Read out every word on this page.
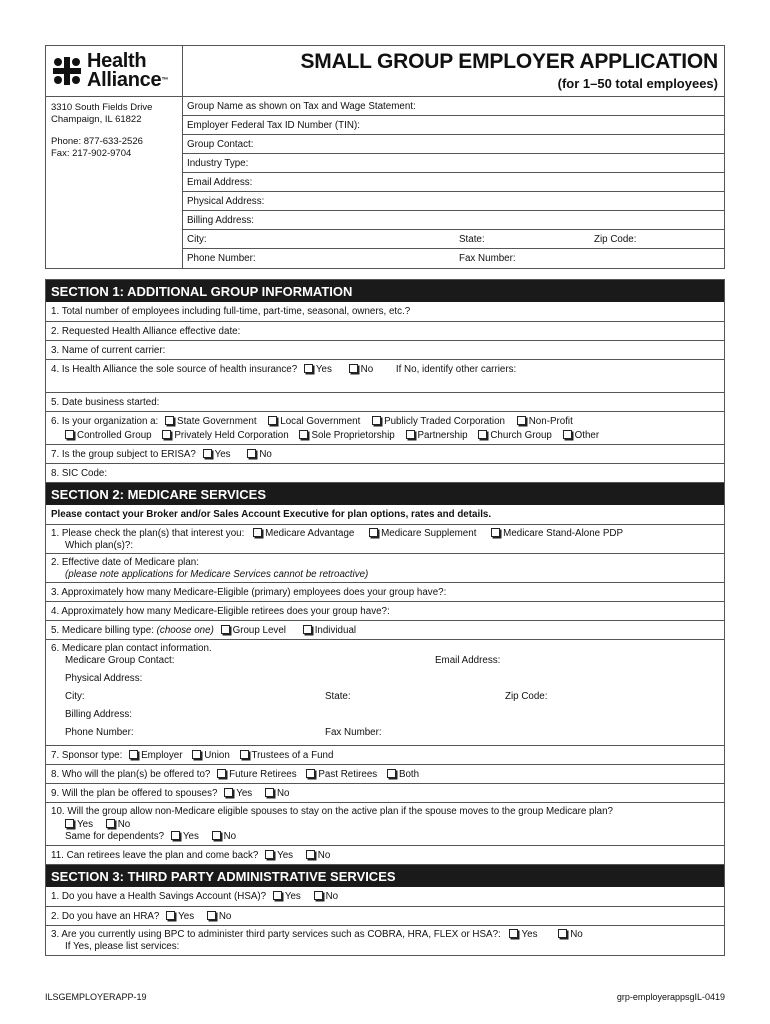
Health
Alliance™
SMALL GROUP EMPLOYER APPLICATION
(for 1–50 total employees)
3310 South Fields Drive
Champaign, IL 61822
Phone: 877-633-2526
Fax: 217-902-9704
Group Name as shown on Tax and Wage Statement:
Employer Federal Tax ID Number (TIN):
Group Contact:
Industry Type:
Email Address:
Physical Address:
Billing Address:
City:	State:	Zip Code:
Phone Number:	Fax Number:
SECTION 1: ADDITIONAL GROUP INFORMATION
1. Total number of employees including full-time, part-time, seasonal, owners, etc.?
2. Requested Health Alliance effective date:
3. Name of current carrier:
4. Is Health Alliance the sole source of health insurance? Yes	No If No, identify other carriers:
5. Date business started:
6. Is your organization a: State Government Local Government Publicly Traded Corporation Non-Profit
Controlled Group Privately Held Corporation Sole Proprietorship Partnership Church Group Other
7. Is the group subject to ERISA? Yes	No
8. SIC Code:
SECTION 2: MEDICARE SERVICES
Please contact your Broker and/or Sales Account Executive for plan options, rates and details.
1. Please check the plan(s) that interest you: Medicare Advantage	Medicare Supplement	Medicare Stand-Alone PDP
Which plan(s)?:
2. Effective date of Medicare plan:
(please note applications for Medicare Services cannot be retroactive)
3. Approximately how many Medicare-Eligible (primary) employees does your group have?:
4. Approximately how many Medicare-Eligible retirees does your group have?:
5. Medicare billing type: (choose one) Group Level	Individual
6. Medicare plan contact information.
Medicare Group Contact:	Email Address:
Physical Address:
City:	State:	Zip Code:
Billing Address:
Phone Number:	Fax Number:
7. Sponsor type: Employer Union Trustees of a Fund
8. Who will the plan(s) be offered to? Future Retirees Past Retirees Both
9. Will the plan be offered to spouses? Yes	No
10. Will the group allow non-Medicare eligible spouses to stay on the active plan if the spouse moves to the group Medicare plan?
Yes	No
Same for dependents? Yes	No
11. Can retirees leave the plan and come back? Yes	No
SECTION 3: THIRD PARTY ADMINISTRATIVE SERVICES
1. Do you have a Health Savings Account (HSA)? Yes	No
2. Do you have an HRA? Yes	No
3. Are you currently using BPC to administer third party services such as COBRA, HRA, FLEX or HSA?: Yes	No
If Yes, please list services:
ILSGEMPLOYERAPP-19	grp-employerappsgIL-0419
